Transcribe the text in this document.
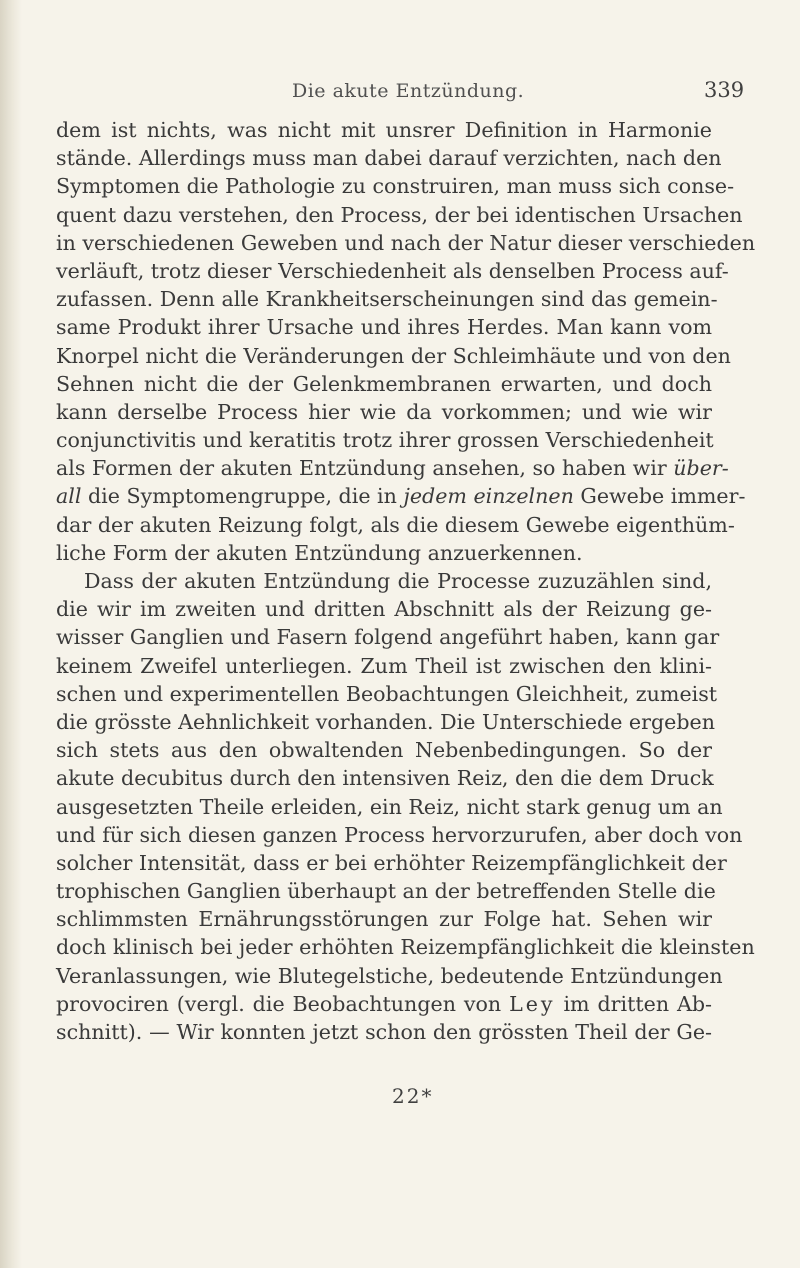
Die akute Entzündung.	339
dem ist nichts, was nicht mit unsrer Definition in Harmonie
stände. Allerdings muss man dabei darauf verzichten, nach den
Symptomen die Pathologie zu construiren, man muss sich conse-
quent dazu verstehen, den Process, der bei identischen Ursachen
in verschiedenen Geweben und nach der Natur dieser verschieden
verläuft, trotz dieser Verschiedenheit als denselben Process auf-
zufassen. Denn alle Krankheitserscheinungen sind das gemein-
same Produkt ihrer Ursache und ihres Herdes. Man kann vom
Knorpel nicht die Veränderungen der Schleimhäute und von den
Sehnen nicht die der Gelenkmembranen erwarten, und doch
kann derselbe Process hier wie da vorkommen; und wie wir
conjunctivitis und keratitis trotz ihrer grossen Verschiedenheit
als Formen der akuten Entzündung ansehen, so haben wir über-
all die Symptomengruppe, die in jedem einzelnen Gewebe immer-
dar der akuten Reizung folgt, als die diesem Gewebe eigenthüm-
liche Form der akuten Entzündung anzuerkennen.
Dass der akuten Entzündung die Processe zuzuzählen sind,
die wir im zweiten und dritten Abschnitt als der Reizung ge-
wisser Ganglien und Fasern folgend angeführt haben, kann gar
keinem Zweifel unterliegen. Zum Theil ist zwischen den klini-
schen und experimentellen Beobachtungen Gleichheit, zumeist
die grösste Aehnlichkeit vorhanden. Die Unterschiede ergeben
sich stets aus den obwaltenden Nebenbedingungen. So der
akute decubitus durch den intensiven Reiz, den die dem Druck
ausgesetzten Theile erleiden, ein Reiz, nicht stark genug um an
und für sich diesen ganzen Process hervorzurufen, aber doch von
solcher Intensität, dass er bei erhöhter Reizempfänglichkeit der
trophischen Ganglien überhaupt an der betreffenden Stelle die
schlimmsten Ernährungsstörungen zur Folge hat. Sehen wir
doch klinisch bei jeder erhöhten Reizempfänglichkeit die kleinsten
Veranlassungen, wie Blutegelstiche, bedeutende Entzündungen
provociren (vergl. die Beobachtungen von Ley im dritten Ab-
schnitt). — Wir konnten jetzt schon den grössten Theil der Ge-
22*
